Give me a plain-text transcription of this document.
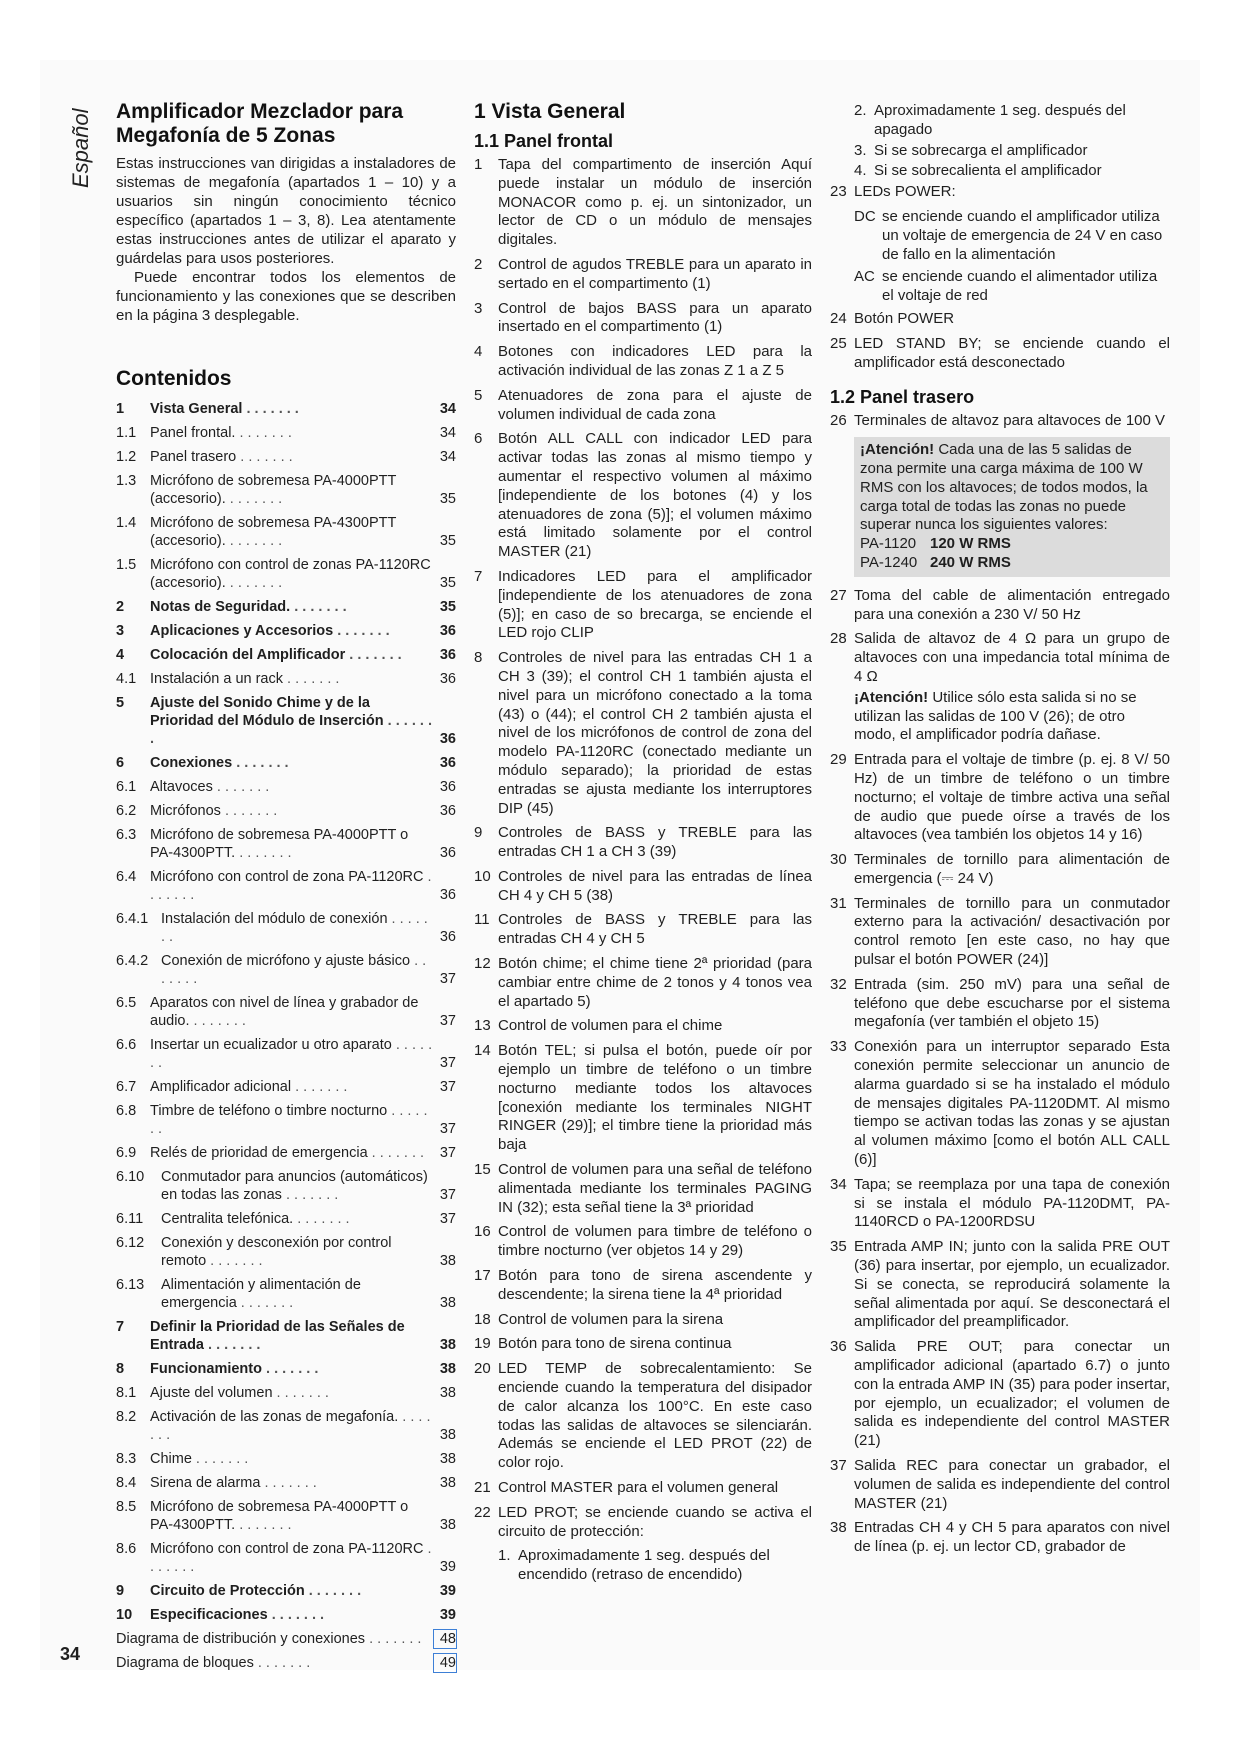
Español Amplificador Mezclador para
Megafonía de 5 Zonas

Estas instrucciones van dirigidas a instaladores de sistemas de megafonía (apartados 1 – 10) y a usuarios sin ningún conocimiento técnico específico (apartados 1 – 3, 8). Lea atentamente estas instrucciones antes de utilizar el aparato y guárdelas para usos posteriores.

Puede encontrar todos los elementos de funcionamiento y las conexiones que se describen en la página 3 desplegable.

Contenidos
1	Vista General . . . . . . .	34
1.1 Panel frontal. . . . . . . .	34
1.2 Panel trasero . . . . . . .	34
1.3 Micrófono de sobremesa PA-4000PTT (accesorio). . . . . . . .	35
1.4 Micrófono de sobremesa PA-4300PTT (accesorio). . . . . . . .	35
1.5 Micrófono con control de zonas PA-1120RC (accesorio). . . . . . . .	35
2	Notas de Seguridad. . . . . . . .	35
3	Aplicaciones y Accesorios . . . . . . .	36
4	Colocación del Amplificador . . . . . . .	36
4.1 Instalación a un rack . . . . . . .	36
5	Ajuste del Sonido Chime y de la Prioridad del Módulo de Inserción . . . . . . .	36
6	Conexiones . . . . . . .	36
6.1 Altavoces . . . . . . .	36
6.2 Micrófonos . . . . . . .	36
6.3 Micrófono de sobremesa PA-4000PTT o PA-4300PTT. . . . . . . .	36
6.4 Micrófono con control de zona PA-1120RC . . . . . . .	36
6.4.1 Instalación del módulo de conexión . . . . . . .	36
6.4.2 Conexión de micrófono y ajuste básico . . . . . . .	37
6.5 Aparatos con nivel de línea y grabador de audio. . . . . . . .	37
6.6 Insertar un ecualizador u otro aparato . . . . . . .	37
6.7 Amplificador adicional . . . . . . .	37
6.8 Timbre de teléfono o timbre nocturno . . . . . . .	37
6.9 Relés de prioridad de emergencia . . . . . . .	37
6.10	Conmutador para anuncios (automáticos) en todas las zonas . . . . . . .	37
6.11	Centralita telefónica. . . . . . . .	37
6.12	Conexión y desconexión por control remoto . . . . . . .	38
6.13	Alimentación y alimentación de emergencia . . . . . . .	38
7	Definir la Prioridad de las Señales de Entrada . . . . . . .	38
8	Funcionamiento . . . . . . .	38
8.1 Ajuste del volumen . . . . . . .	38
8.2 Activación de las zonas de megafonía. . . . . . . .	38
8.3 Chime . . . . . . .	38
8.4 Sirena de alarma . . . . . . .	38
8.5 Micrófono de sobremesa PA-4000PTT o PA-4300PTT. . . . . . . .	38
8.6 Micrófono con control de zona PA-1120RC . . . . . . .	39
9	Circuito de Protección . . . . . . .	39
10	Especificaciones . . . . . . .	39
Diagrama de distribución y conexiones . . . . . . .	48
Diagrama de bloques . . . . . . .	49
1 Vista General
1.1 Panel frontal
1	Tapa del compartimento de inserción Aquí puede instalar un módulo de inserción MONACOR como p. ej. un sintonizador, un lector de CD o un módulo de mensajes digitales.
2	Control de agudos TREBLE para un aparato in sertado en el compartimento (1)
3	Control de bajos BASS para un aparato insertado en el compartimento (1)
4	Botones con indicadores LED para la activación individual de las zonas Z 1 a Z 5
5	Atenuadores de zona para el ajuste de volumen individual de cada zona
6	Botón ALL CALL con indicador LED para activar todas las zonas al mismo tiempo y aumentar el respectivo volumen al máximo [independiente de los botones (4) y los atenuadores de zona (5)]; el volumen máximo está limitado solamente por el control MASTER (21)
7	Indicadores LED para el amplificador [independiente de los atenuadores de zona (5)]; en caso de so brecarga, se enciende el LED rojo CLIP
8	Controles de nivel para las entradas CH 1 a CH 3 (39); el control CH 1 también ajusta el nivel para un micrófono conectado a la toma (43) o (44); el control CH 2 también ajusta el nivel de los micrófonos de control de zona del modelo PA-1120RC (conectado mediante un módulo separado); la prioridad de estas entradas se ajusta mediante los interruptores DIP (45)
9	Controles de BASS y TREBLE para las entradas CH 1 a CH 3 (39)
10 Controles de nivel para las entradas de línea CH 4 y CH 5 (38)
11 Controles de BASS y TREBLE para las entradas CH 4 y CH 5
12 Botón chime; el chime tiene 2ª prioridad (para cambiar entre chime de 2 tonos y 4 tonos vea el apartado 5)
13 Control de volumen para el chime
14 Botón TEL; si pulsa el botón, puede oír por ejemplo un timbre de teléfono o un timbre nocturno mediante todos los altavoces [conexión mediante los terminales NIGHT RINGER (29)]; el timbre tiene la prioridad más baja
15 Control de volumen para una señal de teléfono alimentada mediante los terminales PAGING IN (32); esta señal tiene la 3ª prioridad
16 Control de volumen para timbre de teléfono o timbre nocturno (ver objetos 14 y 29)
17 Botón para tono de sirena ascendente y descendente; la sirena tiene la 4ª prioridad
18 Control de volumen para la sirena
19 Botón para tono de sirena continua
20 LED TEMP de sobrecalentamiento: Se enciende cuando la temperatura del disipador de calor alcanza los 100°C. En este caso todas las salidas de altavoces se silenciarán. Además se enciende el LED PROT (22) de color rojo.
21 Control MASTER para el volumen general
22 LED PROT; se enciende cuando se activa el circuito de protección:
1. Aproximadamente 1 seg. después del encendido (retraso de encendido)
2. Aproximadamente 1 seg. después del apagado
3. Si se sobrecarga el amplificador
4. Si se sobrecalienta el amplificador
23 LEDs POWER:
DC se enciende cuando el amplificador utiliza un voltaje de emergencia de 24 V en caso de fallo en la alimentación
AC se enciende cuando el alimentador utiliza el voltaje de red
24 Botón POWER
25 LED STAND BY; se enciende cuando el amplificador está desconectado
1.2 Panel trasero
26 Terminales de altavoz para altavoces de 100 V
¡Atención! Cada una de las 5 salidas de zona permite una carga máxima de 100 W RMS con los altavoces; de todos modos, la carga total de todas las zonas no puede superar nunca los siguientes valores:
PA-1120 120 W RMS
PA-1240 240 W RMS
27 Toma del cable de alimentación entregado para una conexión a 230 V/ 50 Hz
28 Salida de altavoz de 4 Ω para un grupo de altavoces con una impedancia total mínima de 4 Ω
¡Atención! Utilice sólo esta salida si no se utilizan las salidas de 100 V (26); de otro modo, el amplificador podría dañase.
29 Entrada para el voltaje de timbre (p. ej. 8 V/ 50 Hz) de un timbre de teléfono o un timbre nocturno; el voltaje de timbre activa una señal de audio que puede oírse a través de los altavoces (vea también los objetos 14 y 16)
30 Terminales de tornillo para alimentación de emergencia (⎓ 24 V)
31 Terminales de tornillo para un conmutador externo para la activación/ desactivación por control remoto [en este caso, no hay que pulsar el botón POWER (24)]
32 Entrada (sim. 250 mV) para una señal de teléfono que debe escucharse por el sistema megafonía (ver también el objeto 15)
33 Conexión para un interruptor separado Esta conexión permite seleccionar un anuncio de alarma guardado si se ha instalado el módulo de mensajes digitales PA-1120DMT. Al mismo tiempo se activan todas las zonas y se ajustan al volumen máximo [como el botón ALL CALL (6)]
34 Tapa; se reemplaza por una tapa de conexión si se instala el módulo PA-1120DMT, PA-1140RCD o PA-1200RDSU
35 Entrada AMP IN; junto con la salida PRE OUT (36) para insertar, por ejemplo, un ecualizador. Si se conecta, se reproducirá solamente la señal alimentada por aquí. Se desconectará el amplificador del preamplificador.
36 Salida PRE OUT; para conectar un amplificador adicional (apartado 6.7) o junto con la entrada AMP IN (35) para poder insertar, por ejemplo, un ecualizador; el volumen de salida es independiente del control MASTER (21)
37 Salida REC para conectar un grabador, el volumen de salida es independiente del control MASTER (21)
38 Entradas CH 4 y CH 5 para aparatos con nivel de línea (p. ej. un lector CD, grabador de
34
